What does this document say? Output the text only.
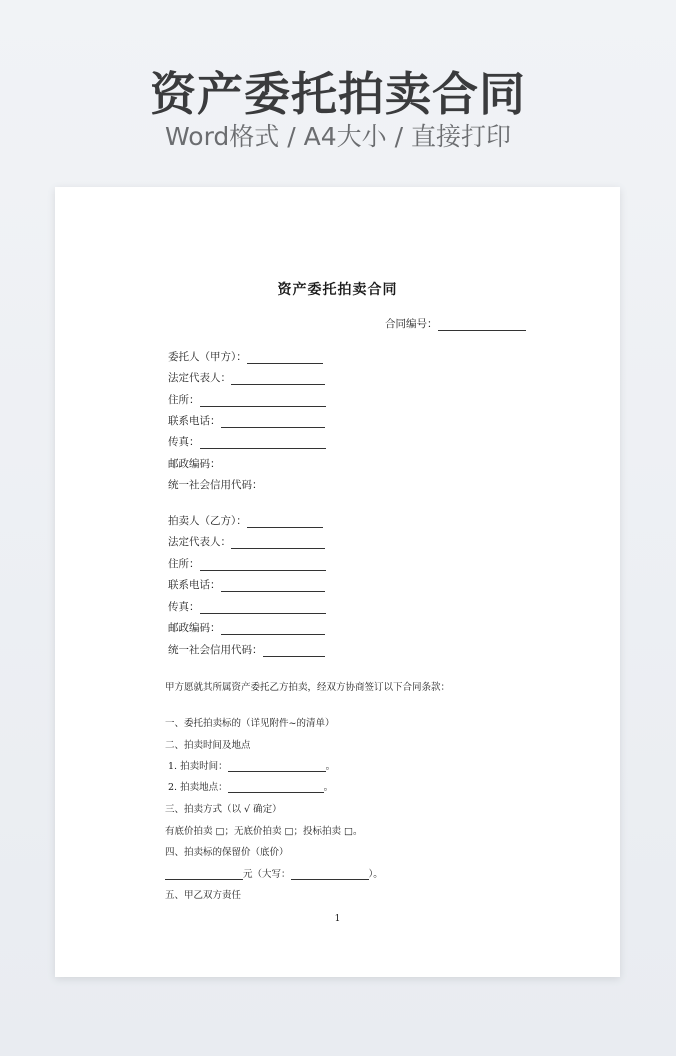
资产委托拍卖合同
Word格式 / A4大小 / 直接打印
资产委托拍卖合同
合同编号：
委托人（甲方）：
法定代表人：
住所：
联系电话：
传真：
邮政编码：
统一社会信用代码：
拍卖人（乙方）：
法定代表人：
住所：
联系电话：
传真：
邮政编码：
统一社会信用代码：
甲方愿就其所属资产委托乙方拍卖，经双方协商签订以下合同条款：
一、委托拍卖标的（详见附件~的清单）
二、拍卖时间及地点
1. 拍卖时间：	。
2. 拍卖地点：	。
三、拍卖方式（以 √ 确定）
有底价拍卖 □；无底价拍卖 □；投标拍卖 □。
四、拍卖标的保留价（底价）
元（大写：	）。
五、甲乙双方责任
1
